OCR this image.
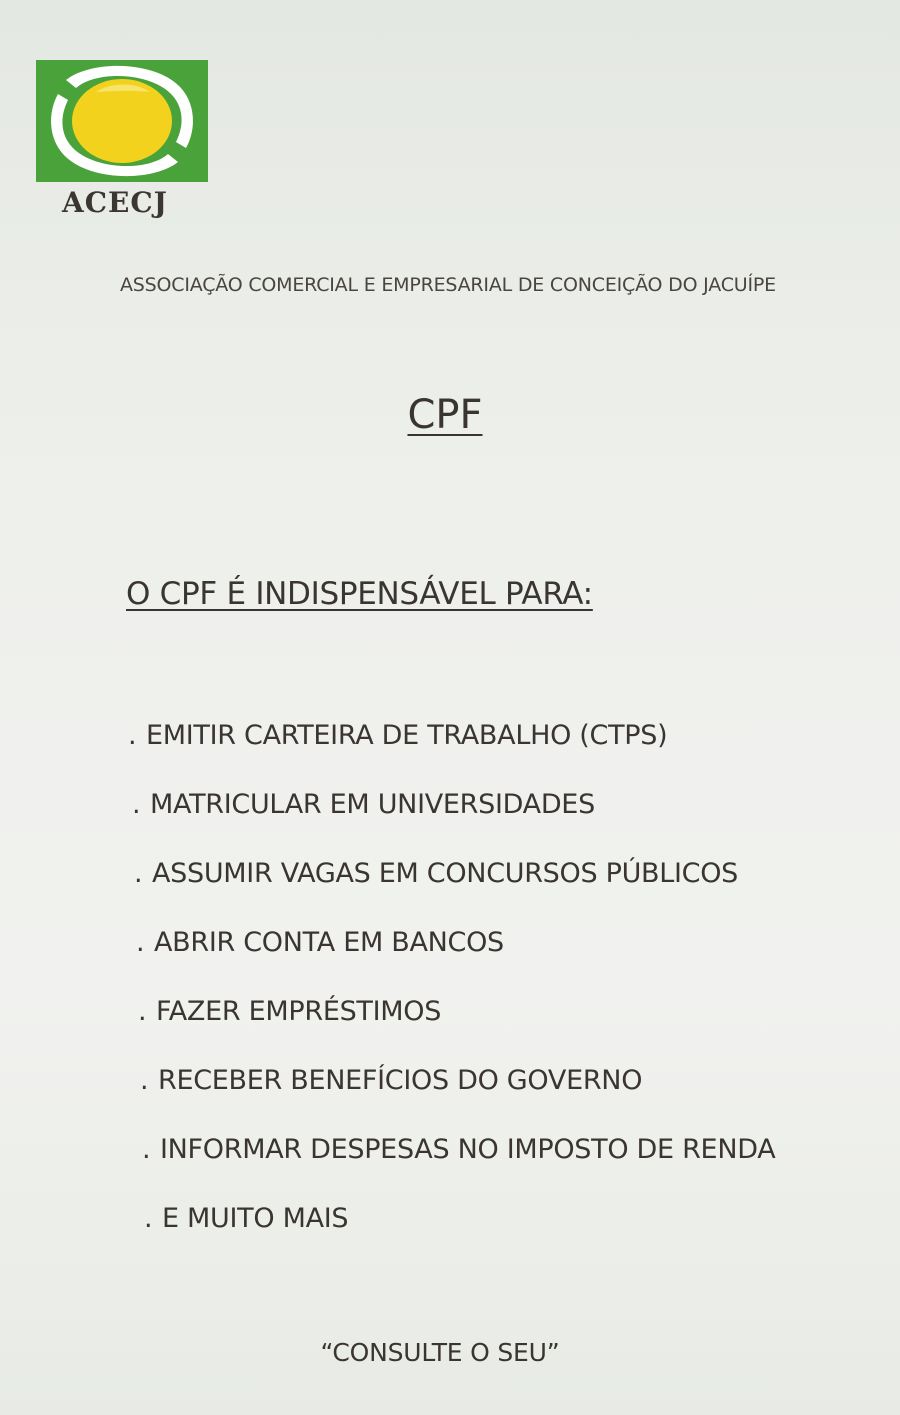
ACECJ
ASSOCIAÇÃO COMERCIAL E EMPRESARIAL DE CONCEIÇÃO DO JACUÍPE
CPF
O CPF É INDISPENSÁVEL PARA:
. EMITIR CARTEIRA DE TRABALHO (CTPS)
. MATRICULAR EM UNIVERSIDADES
. ASSUMIR VAGAS EM CONCURSOS PÚBLICOS
. ABRIR CONTA EM BANCOS
. FAZER EMPRÉSTIMOS
. RECEBER BENEFÍCIOS DO GOVERNO
. INFORMAR DESPESAS NO IMPOSTO DE RENDA
. E MUITO MAIS
“CONSULTE O SEU”
